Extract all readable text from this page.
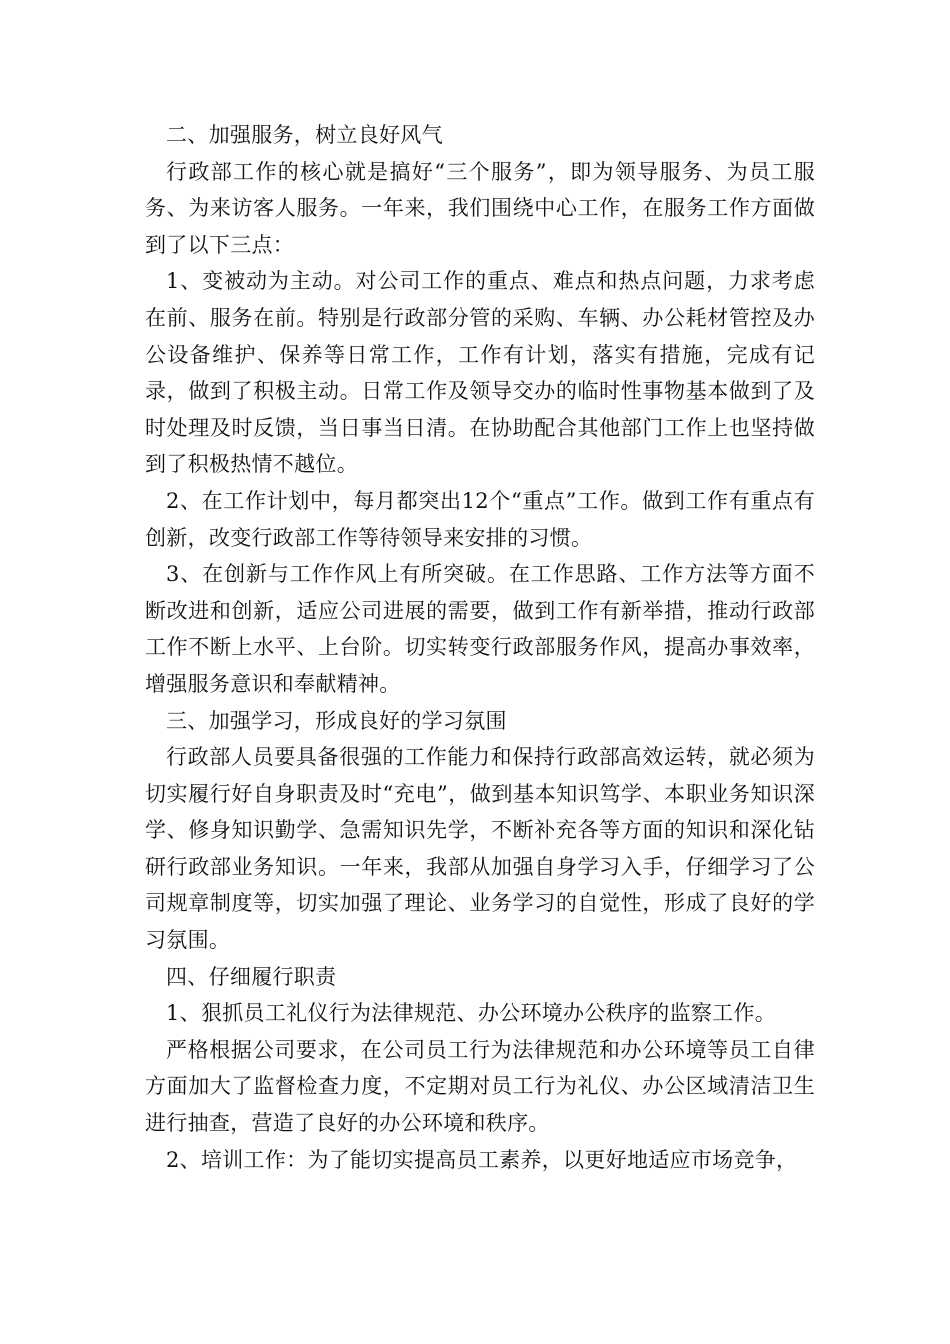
二、加强服务，树立良好风气

行政部工作的核心就是搞好“三个服务”，即为领导服务、为员工服务、为来访客人服务。一年来，我们围绕中心工作，在服务工作方面做到了以下三点：

1、变被动为主动。对公司工作的重点、难点和热点问题，力求考虑在前、服务在前。特别是行政部分管的采购、车辆、办公耗材管控及办公设备维护、保养等日常工作，工作有计划，落实有措施，完成有记录，做到了积极主动。日常工作及领导交办的临时性事物基本做到了及时处理及时反馈，当日事当日清。在协助配合其他部门工作上也坚持做到了积极热情不越位。

2、在工作计划中，每月都突出12个“重点”工作。做到工作有重点有创新，改变行政部工作等待领导来安排的习惯。

3、在创新与工作作风上有所突破。在工作思路、工作方法等方面不断改进和创新，适应公司进展的需要，做到工作有新举措，推动行政部工作不断上水平、上台阶。切实转变行政部服务作风，提高办事效率，增强服务意识和奉献精神。

三、加强学习，形成良好的学习氛围

行政部人员要具备很强的工作能力和保持行政部高效运转，就必须为切实履行好自身职责及时“充电”，做到基本知识笃学、本职业务知识深学、修身知识勤学、急需知识先学，不断补充各等方面的知识和深化钻研行政部业务知识。一年来，我部从加强自身学习入手，仔细学习了公司规章制度等，切实加强了理论、业务学习的自觉性，形成了良好的学习氛围。

四、仔细履行职责

1、狠抓员工礼仪行为法律规范、办公环境办公秩序的监察工作。

严格根据公司要求，在公司员工行为法律规范和办公环境等员工自律方面加大了监督检查力度，不定期对员工行为礼仪、办公区域清洁卫生进行抽查，营造了良好的办公环境和秩序。

2、培训工作：为了能切实提高员工素养，以更好地适应市场竞争，
